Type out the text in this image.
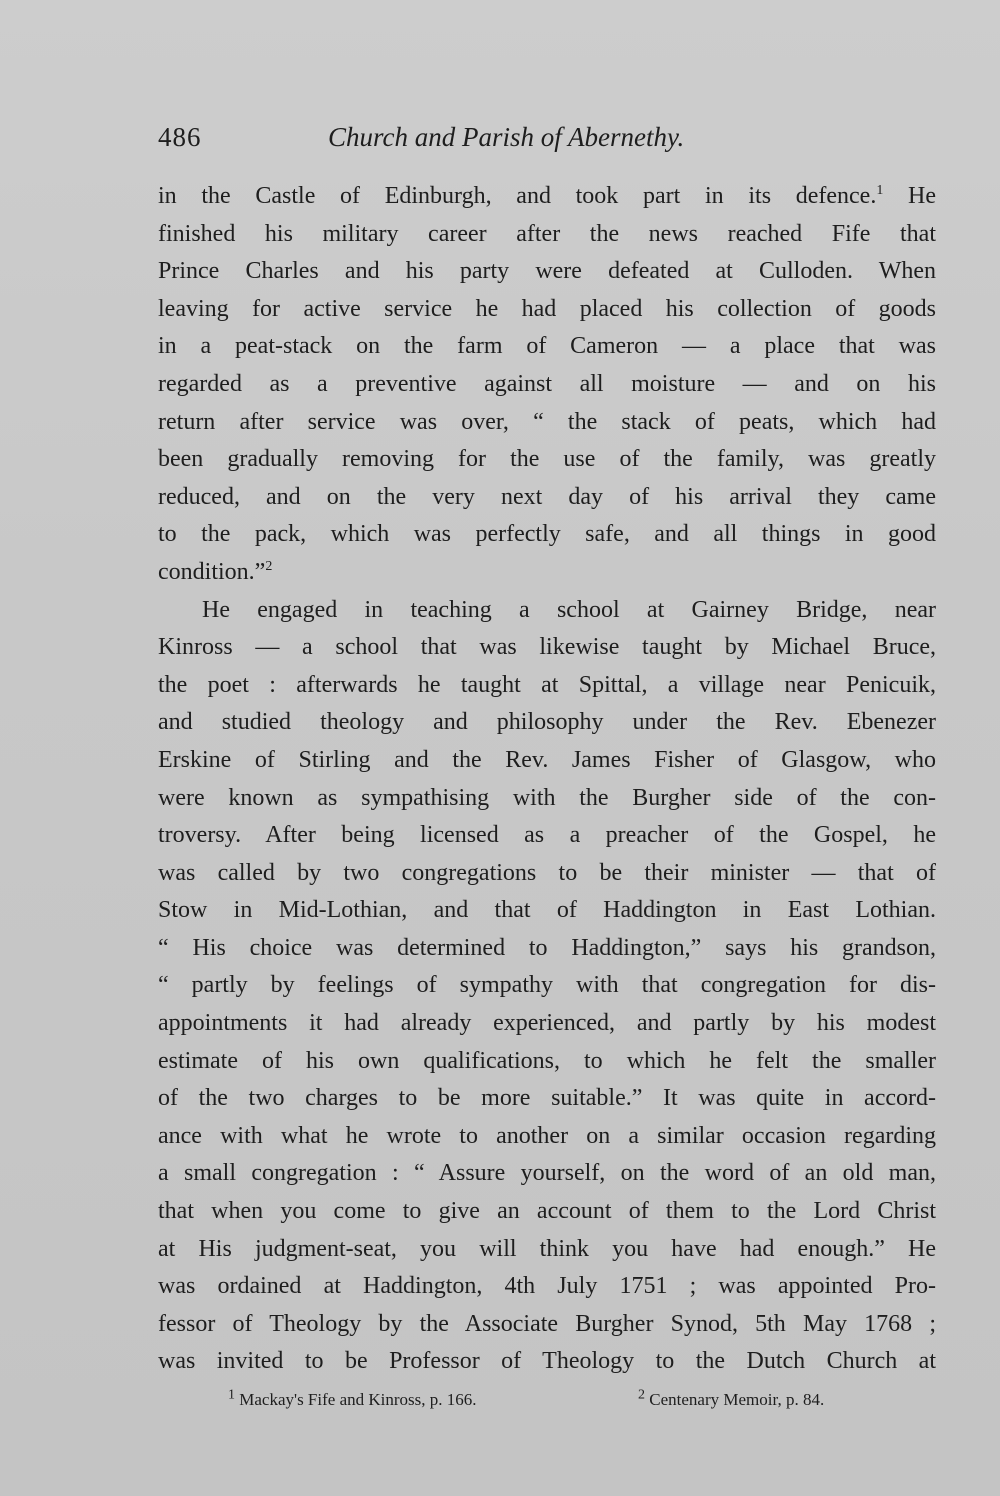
486	Church and Parish of Abernethy.
in the Castle of Edinburgh, and took part in its defence.$^1$ He
finished his military career after the news reached Fife that
Prince Charles and his party were defeated at Culloden. When
leaving for active service he had placed his collection of goods
in a peat-stack on the farm of Cameron — a place that was
regarded as a preventive against all moisture — and on his
return after service was over, “ the stack of peats, which had
been gradually removing for the use of the family, was greatly
reduced, and on the very next day of his arrival they came
to the pack, which was perfectly safe, and all things in good
condition.”$^2$
He engaged in teaching a school at Gairney Bridge, near
Kinross — a school that was likewise taught by Michael Bruce,
the poet : afterwards he taught at Spittal, a village near Penicuik,
and studied theology and philosophy under the Rev. Ebenezer
Erskine of Stirling and the Rev. James Fisher of Glasgow, who
were known as sympathising with the Burgher side of the con-
troversy. After being licensed as a preacher of the Gospel, he
was called by two congregations to be their minister — that of
Stow in Mid-Lothian, and that of Haddington in East Lothian.
“ His choice was determined to Haddington,” says his grandson,
“ partly by feelings of sympathy with that congregation for dis-
appointments it had already experienced, and partly by his modest
estimate of his own qualifications, to which he felt the smaller
of the two charges to be more suitable.” It was quite in accord-
ance with what he wrote to another on a similar occasion regarding
a small congregation : “ Assure yourself, on the word of an old man,
that when you come to give an account of them to the Lord Christ
at His judgment-seat, you will think you have had enough.” He
was ordained at Haddington, 4th July 1751 ; was appointed Pro-
fessor of Theology by the Associate Burgher Synod, 5th May 1768 ;
was invited to be Professor of Theology to the Dutch Church at
$^1$ Mackay's Fife and Kinross, p. 166.	$^2$ Centenary Memoir, p. 84.
